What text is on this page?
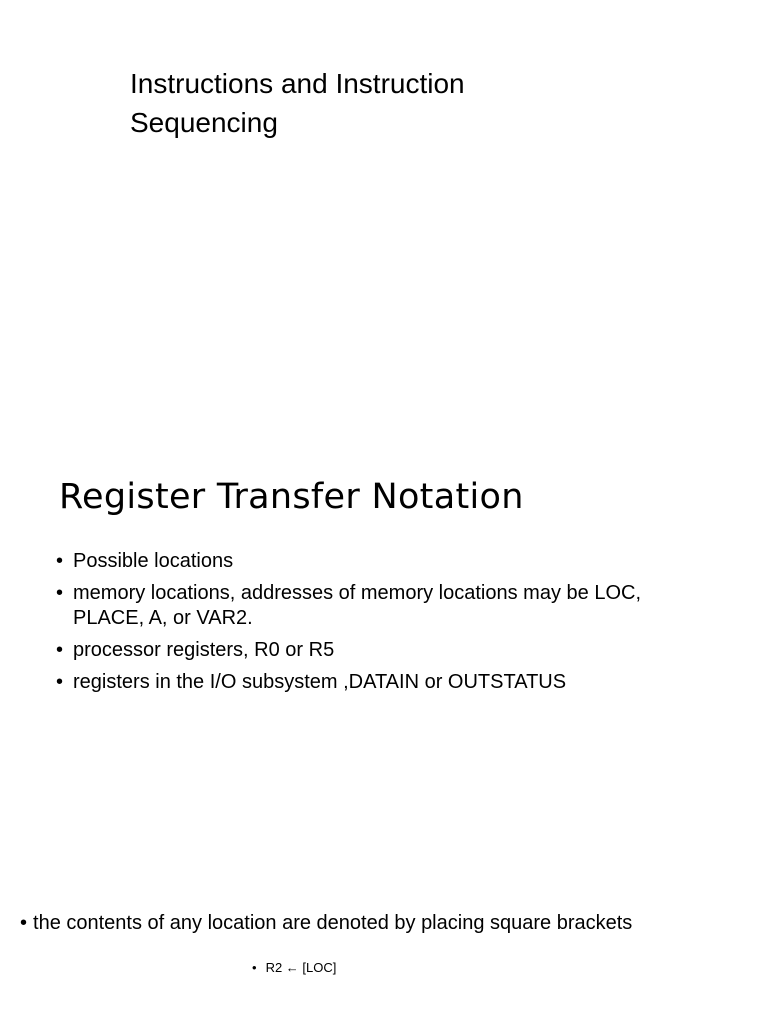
Instructions and Instruction Sequencing
Register Transfer Notation
• Possible locations
• memory locations, addresses of memory locations may be LOC, PLACE, A, or VAR2.
• processor registers, R0 or R5
• registers in the I/O subsystem ,DATAIN or OUTSTATUS
• the contents of any location are denoted by placing square brackets
• R2 ← [LOC]
